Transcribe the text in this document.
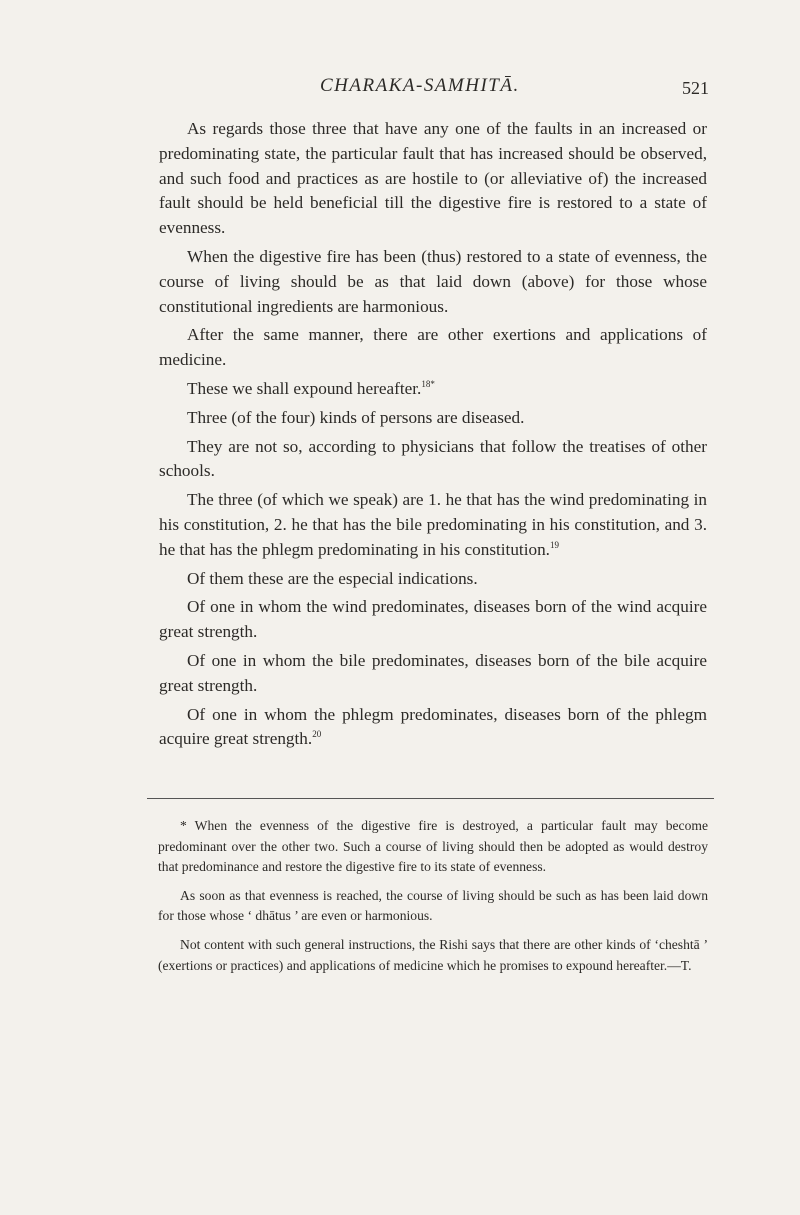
CHARAKA-SAMHITĀ.	521

As regards those three that have any one of the faults in an increased or predominating state, the particular fault that has increased should be observed, and such food and practices as are hostile to (or alleviative of) the increased fault should be held beneficial till the digestive fire is restored to a state of evenness.

When the digestive fire has been (thus) restored to a state of evenness, the course of living should be as that laid down (above) for those whose constitutional ingredients are harmonious.

After the same manner, there are other exertions and applications of medicine.

These we shall expound hereafter.$^{18*}$

Three (of the four) kinds of persons are diseased.

They are not so, according to physicians that follow the treatises of other schools.

The three (of which we speak) are 1. he that has the wind predominating in his constitution, 2. he that has the bile predominating in his constitution, and 3. he that has the phlegm predominating in his constitution.$^{19}$

Of them these are the especial indications.

Of one in whom the wind predominates, diseases born of the wind acquire great strength.

Of one in whom the bile predominates, diseases born of the bile acquire great strength.

Of one in whom the phlegm predominates, diseases born of the phlegm acquire great strength.$^{20}$

* When the evenness of the digestive fire is destroyed, a particular fault may become predominant over the other two. Such a course of living should then be adopted as would destroy that predominance and restore the digestive fire to its state of evenness.

As soon as that evenness is reached, the course of living should be such as has been laid down for those whose ‘ dhātus ’ are even or harmonious.

Not content with such general instructions, the Rishi says that there are other kinds of ‘cheshtā ’ (exertions or practices) and applications of medicine which he promises to expound hereafter.—T.
